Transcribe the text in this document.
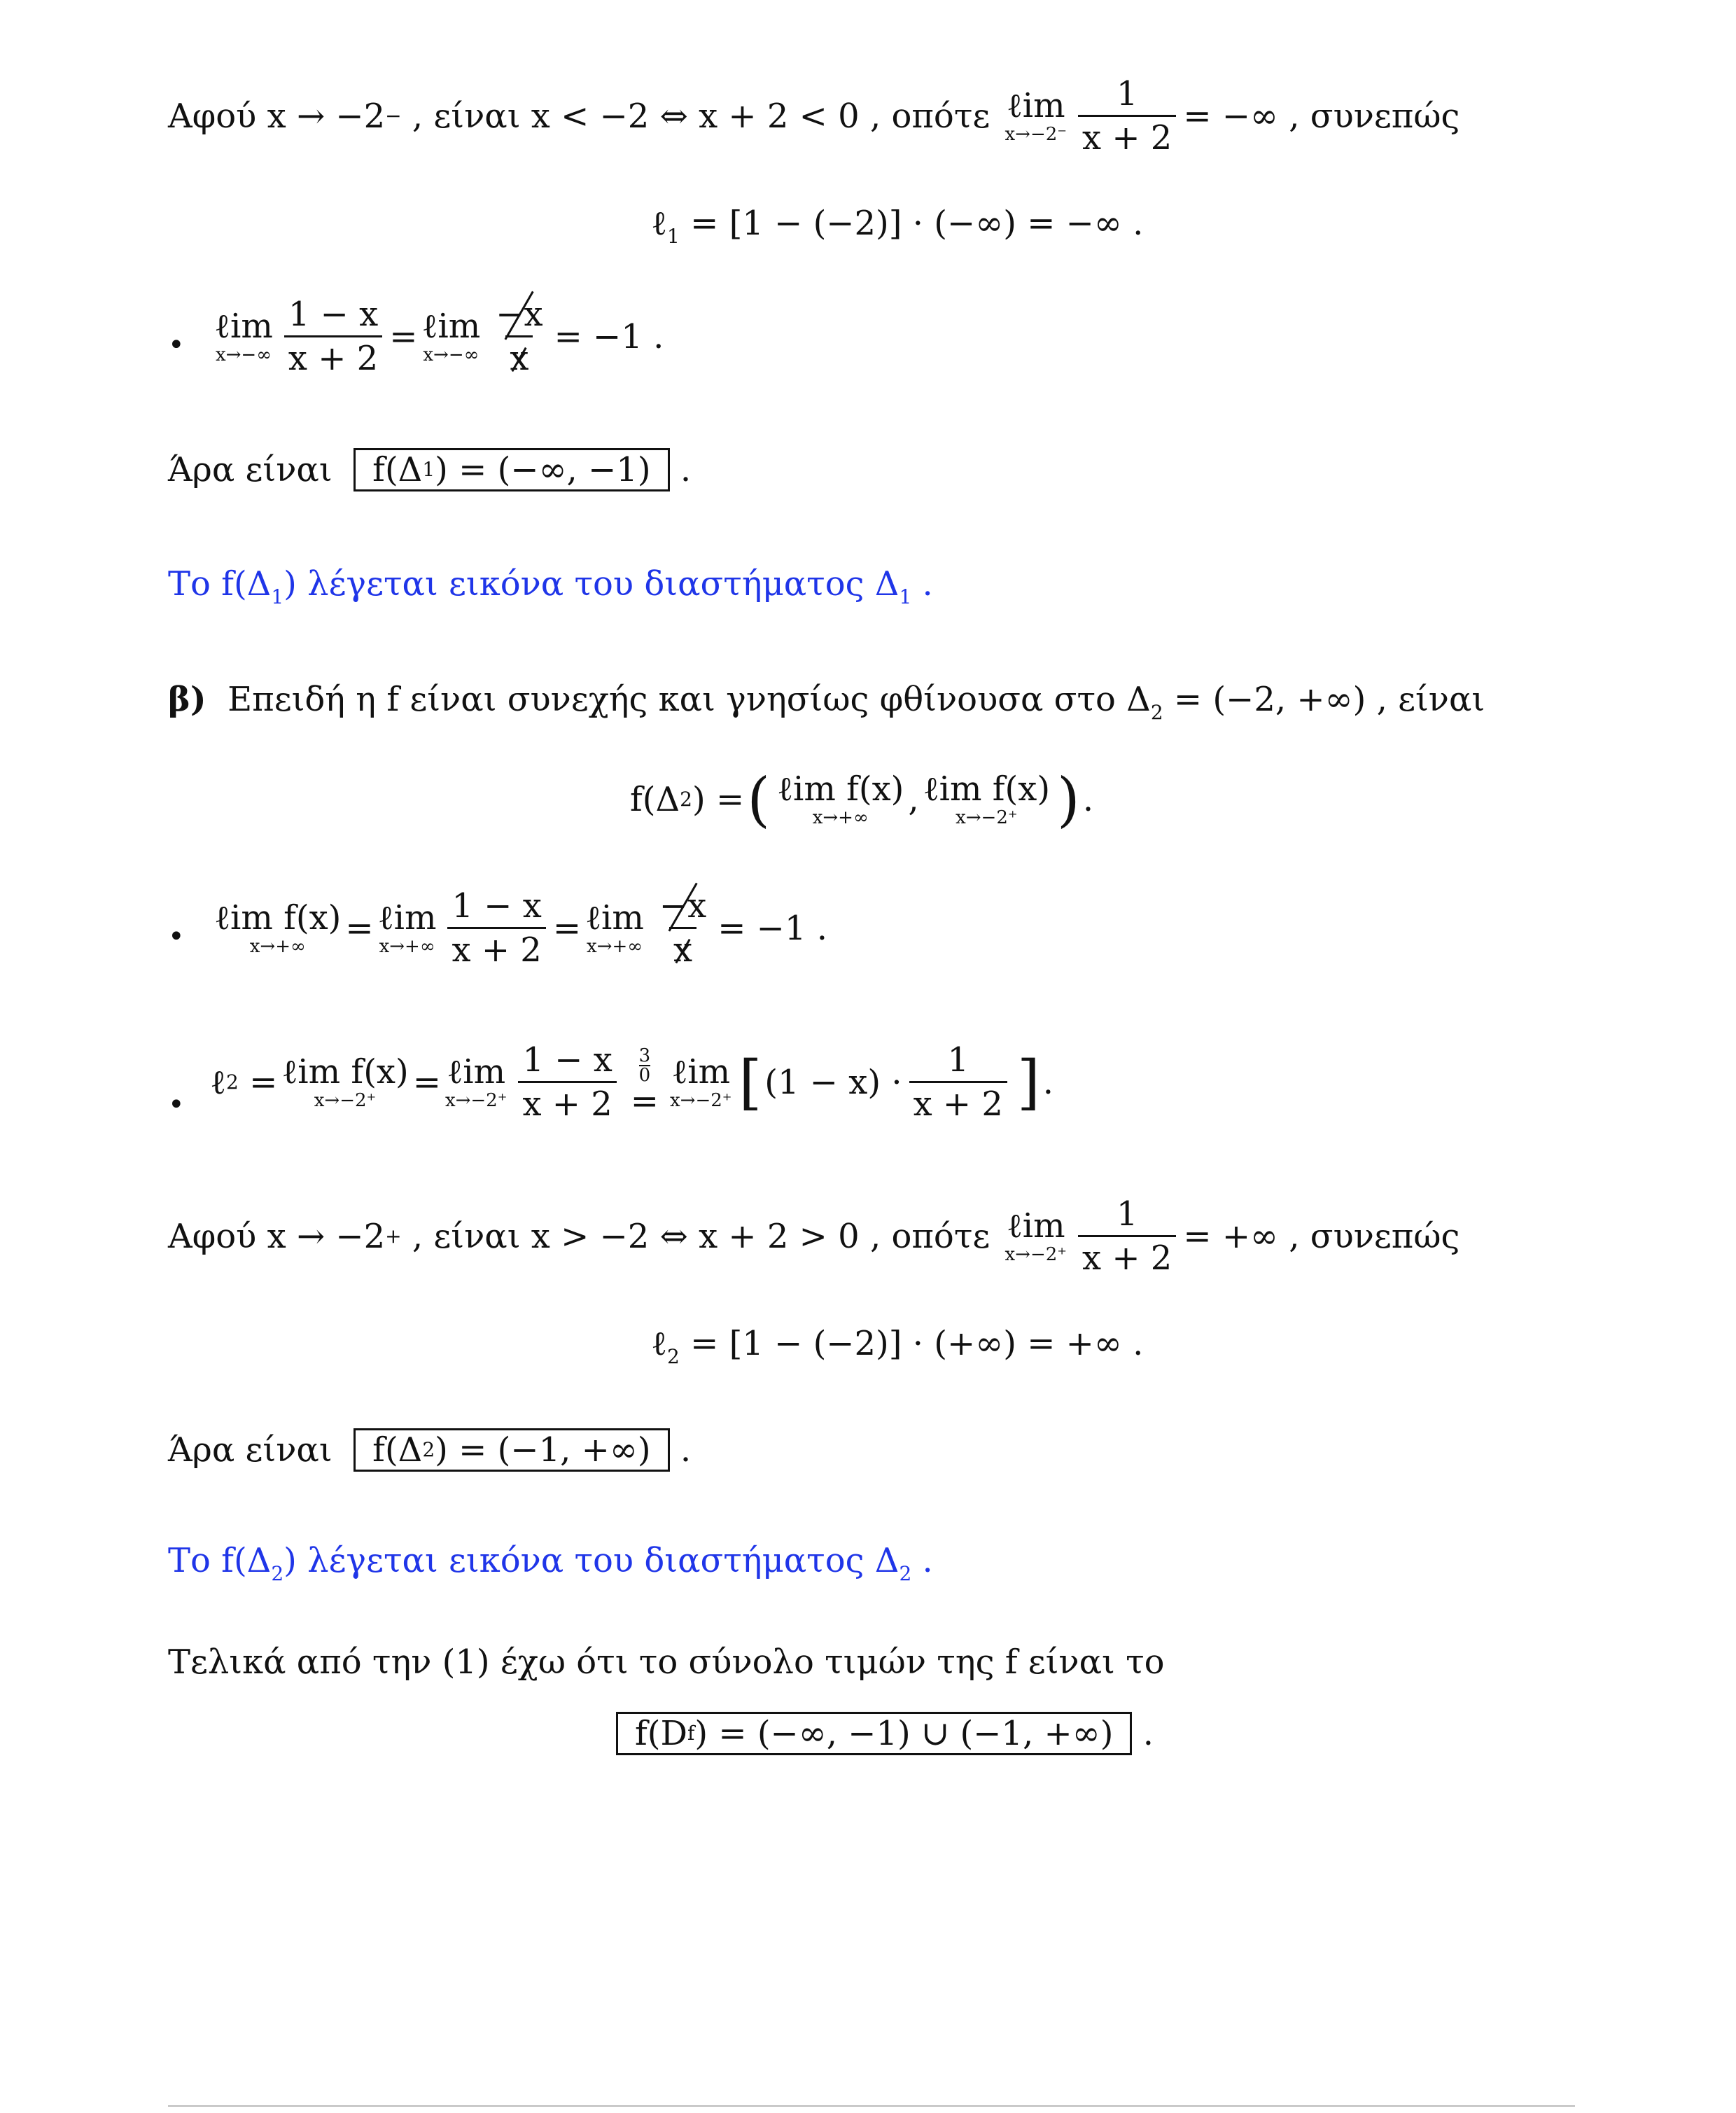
Αφού x → −2 −
, είναι x < −2 ⇔ x + 2 < 0 , οπότε
ℓim
$x\to-2^- \frac{1}{x + 2}$ = −∞ , συνεπώς
ℓ$_1$ = [1 − (−2)] · (−∞) = −∞ .
• ℓim
$x\to-\infty \frac{1 - x}{x + 2}$ = ℓim
$x\to-\infty \frac{-x}{x} = -1$ .
Άρα είναι
f(Δ 1 ) = (−∞, −1)
.
Το $f(\Delta_1)$ λέγεται εικόνα του διαστήματος $\Delta_1$ .
β) Επειδή η f είναι συνεχής και γνησίως φθίνουσα στο $\Delta_2 = (-2$, +∞) , είναι
f(Δ 2 ) = ( ℓim f(x)
x→+∞ , ℓim f(x)
x→−2⁺ ) .
• ℓim f(x)
x→+∞ = ℓim
$x\to+\infty \frac{1 - x}{x + 2}$ = ℓim
$x\to+\infty \frac{-x}{x} = -1$ .
•
ℓ 2
= ℓim f(x)
x→−2⁺ = ℓim
$x\to-2^+ \frac{1 - x}{x + 2} 3$
0
=
ℓim
x→−2⁺ [ $(1 - x) \cdot \frac{1}{x + 2}$ ] .
Αφού x → −2 +
, είναι x > −2 ⇔ x + 2 > 0 , οπότε
ℓim
$x\to-2^+ \frac{1}{x + 2}$ = +∞ , συνεπώς
ℓ$_2$ = [1 − (−2)] · (+∞) = +∞ .
Άρα είναι
f(Δ 2 ) = (−1, +∞)
.
Το $f(\Delta_2)$ λέγεται εικόνα του διαστήματος $\Delta_2$ .
Τελικά από την (1) έχω ότι το σύνολο τιμών της f είναι το
f(D f ) = (−∞, −1) ∪ (−1, +∞)
.
